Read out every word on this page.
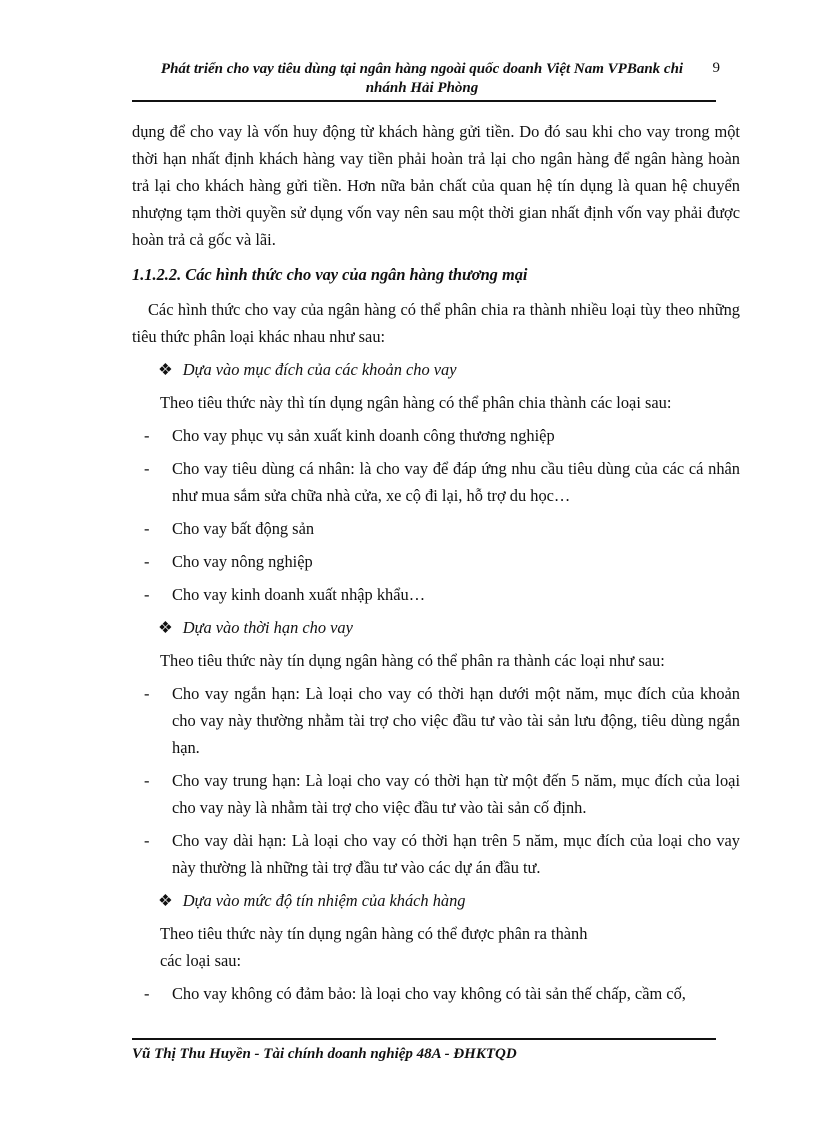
Phát triển cho vay tiêu dùng tại ngân hàng ngoài quốc doanh Việt Nam VPBank chi nhánh Hải Phòng
9

dụng để cho vay là vốn huy động từ khách hàng gửi tiền. Do đó sau khi cho vay trong một thời hạn nhất định khách hàng vay tiền phải hoàn trả lại cho ngân hàng để ngân hàng hoàn trả lại cho khách hàng gửi tiền. Hơn nữa bản chất của quan hệ tín dụng là quan hệ chuyển nhượng tạm thời quyền sử dụng vốn vay nên sau một thời gian nhất định vốn vay phải được hoàn trả cả gốc và lãi.

1.1.2.2. Các hình thức cho vay của ngân hàng thương mại

Các hình thức cho vay của ngân hàng có thể phân chia ra thành nhiều loại tùy theo những tiêu thức phân loại khác nhau như sau:

❖ Dựa vào mục đích của các khoản cho vay

Theo tiêu thức này thì tín dụng ngân hàng có thể phân chia thành các loại sau:

-	Cho vay phục vụ sản xuất kinh doanh công thương nghiệp
-	Cho vay tiêu dùng cá nhân: là cho vay để đáp ứng nhu cầu tiêu dùng của các cá nhân như mua sắm sửa chữa nhà cửa, xe cộ đi lại, hỗ trợ du học…
-	Cho vay bất động sản
-	Cho vay nông nghiệp
-	Cho vay kinh doanh xuất nhập khẩu…

❖ Dựa vào thời hạn cho vay

Theo tiêu thức này tín dụng ngân hàng có thể phân ra thành các loại như sau:

-	Cho vay ngắn hạn: Là loại cho vay có thời hạn dưới một năm, mục đích của khoản cho vay này thường nhằm tài trợ cho việc đầu tư vào tài sản lưu động, tiêu dùng ngắn hạn.
-	Cho vay trung hạn: Là loại cho vay có thời hạn từ một đến 5 năm, mục đích của loại cho vay này là nhằm tài trợ cho việc đầu tư vào tài sản cố định.
-	Cho vay dài hạn: Là loại cho vay có thời hạn trên 5 năm, mục đích của loại cho vay này thường là những tài trợ đầu tư vào các dự án đầu tư.

❖ Dựa vào mức độ tín nhiệm của khách hàng

Theo tiêu thức này tín dụng ngân hàng có thể được phân ra thành

các loại sau:

-	Cho vay không có đảm bảo: là loại cho vay không có tài sản thế chấp, cầm cố,
Vũ Thị Thu Huyền - Tài chính doanh nghiệp 48A - ĐHKTQD
